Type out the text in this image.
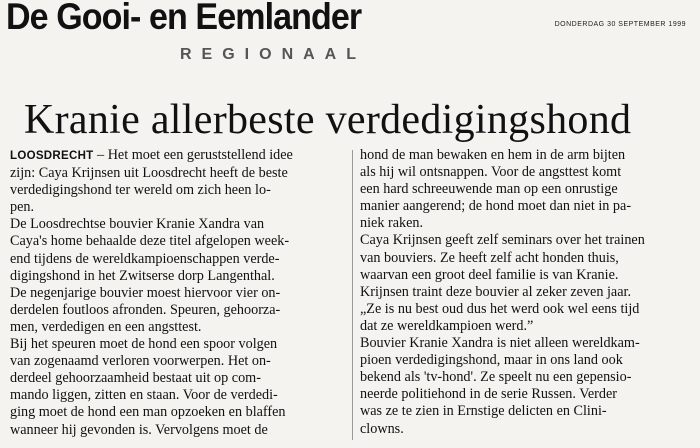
De Gooi- en Eemlander	DONDERDAG 30 SEPTEMBER 1999
REGIONAAL
Kranie allerbeste verdedigingshond

LOOSDRECHT – Het moet een geruststellend idee

zijn: Caya Krijnsen uit Loosdrecht heeft de beste

verdedigingshond ter wereld om zich heen lo-

pen.

De Loosdrechtse bouvier Kranie Xandra van

Caya's home behaalde deze titel afgelopen week-

end tijdens de wereldkampioenschappen verde-

digingshond in het Zwitserse dorp Langenthal.

De negenjarige bouvier moest hiervoor vier on-

derdelen foutloos afronden. Speuren, gehoorza-

men, verdedigen en een angsttest.

Bij het speuren moet de hond een spoor volgen

van zogenaamd verloren voorwerpen. Het on-

derdeel gehoorzaamheid bestaat uit op com-

mando liggen, zitten en staan. Voor de verdedi-

ging moet de hond een man opzoeken en blaffen

wanneer hij gevonden is. Vervolgens moet de

hond de man bewaken en hem in de arm bijten

als hij wil ontsnappen. Voor de angsttest komt

een hard schreeuwende man op een onrustige

manier aangerend; de hond moet dan niet in pa-

niek raken.

Caya Krijnsen geeft zelf seminars over het trainen

van bouviers. Ze heeft zelf acht honden thuis,

waarvan een groot deel familie is van Kranie.

Krijnsen traint deze bouvier al zeker zeven jaar.

„Ze is nu best oud dus het werd ook wel eens tijd

dat ze wereldkampioen werd.”

Bouvier Kranie Xandra is niet alleen wereldkam-

pioen verdedigingshond, maar in ons land ook

bekend als 'tv-hond'. Ze speelt nu een gepensio-

neerde politiehond in de serie Russen. Verder

was ze te zien in Ernstige delicten en Clini-

clowns.
